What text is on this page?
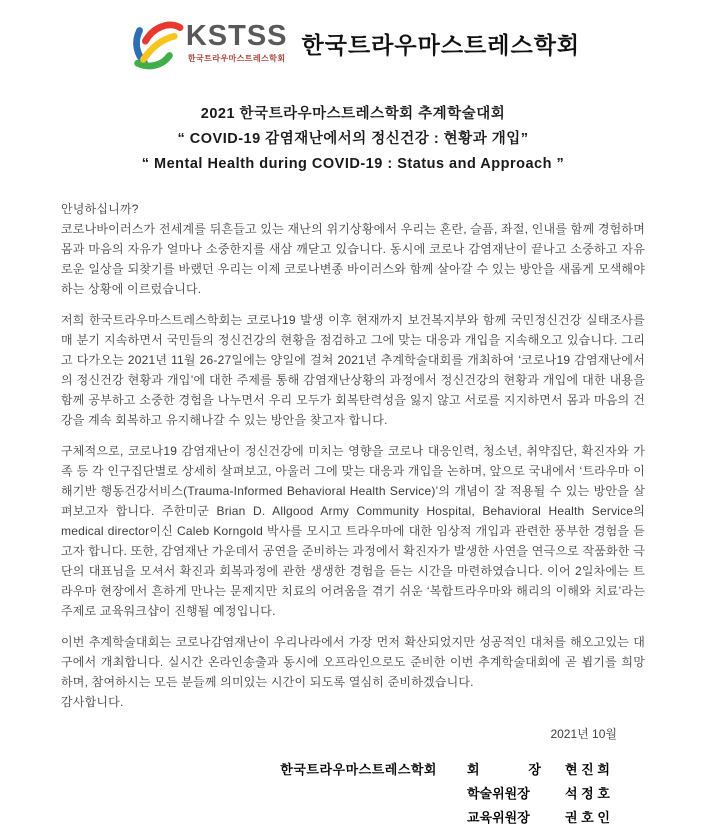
KSTSS
한국트라우마스트레스학회
한국트라우마스트레스학회
2021 한국트라우마스트레스학회 추계학술대회
“ COVID-19 감염재난에서의 정신건강 : 현황과 개입”
“ Mental Health during COVID-19 : Status and Approach ”

안녕하십니까?

코로나바이러스가 전세계를 뒤흔들고 있는 재난의 위기상황에서 우리는 혼란, 슬픔, 좌절, 인내를 함께 경험하며 몸과 마음의 자유가 얼마나 소중한지를 새삼 깨닫고 있습니다. 동시에 코로나 감염재난이 끝나고 소중하고 자유로운 일상을 되찾기를 바랬던 우리는 이제 코로나변종 바이러스와 함께 살아갈 수 있는 방안을 새롭게 모색해야하는 상황에 이르렀습니다.

저희 한국트라우마스트레스학회는 코로나19 발생 이후 현재까지 보건복지부와 함께 국민정신건강 실태조사를 매 분기 지속하면서 국민들의 정신건강의 현황을 점검하고 그에 맞는 대응과 개입을 지속해오고 있습니다. 그리고 다가오는 2021년 11월 26-27일에는 양일에 걸쳐 2021년 추계학술대회를 개최하여 ‘코로나19 감염재난에서의 정신건강 현황과 개입’에 대한 주제를 통해 감염재난상황의 과정에서 정신건강의 현황과 개입에 대한 내용을 함께 공부하고 소중한 경험을 나누면서 우리 모두가 회복탄력성을 잃지 않고 서로를 지지하면서 몸과 마음의 건강을 계속 회복하고 유지해나갈 수 있는 방안을 찾고자 합니다.

구체적으로, 코로나19 감염재난이 정신건강에 미치는 영향을 코로나 대응인력, 청소년, 취약집단, 확진자와 가족 등 각 인구집단별로 상세히 살펴보고, 아울러 그에 맞는 대응과 개입을 논하며, 앞으로 국내에서 ‘트라우마 이해기반 행동건강서비스(Trauma-Informed Behavioral Health Service)’의 개념이 잘 적용될 수 있는 방안을 살펴보고자 합니다. 주한미군 Brian D. Allgood Army Community Hospital, Behavioral Health Service의 medical director이신 Caleb Korngold 박사를 모시고 트라우마에 대한 임상적 개입과 관련한 풍부한 경험을 듣고자 합니다. 또한, 감염재난 가운데서 공연을 준비하는 과정에서 확진자가 발생한 사연을 연극으로 작품화한 극단의 대표님을 모셔서 확진과 회복과정에 관한 생생한 경험을 듣는 시간을 마련하였습니다. 이어 2일차에는 트라우마 현장에서 흔하게 만나는 문제지만 치료의 어려움을 겪기 쉬운 ‘복합트라우마와 해리의 이해와 치료’라는 주제로 교육워크샵이 진행될 예정입니다.

이번 추계학술대회는 코로나감염재난이 우리나라에서 가장 먼저 확산되었지만 성공적인 대처를 해오고있는 대구에서 개최합니다. 실시간 온라인송출과 동시에 오프라인으로도 준비한 이번 추계학술대회에 곧 뵙기를 희망하며, 참여하시는 모든 분들께 의미있는 시간이 되도록 열심히 준비하겠습니다.

감사합니다.

2021년 10월
한국트라우마스트레스학회 회 장 현 진 희
학술위원장	석 정 호
교육위원장	권 호 인
